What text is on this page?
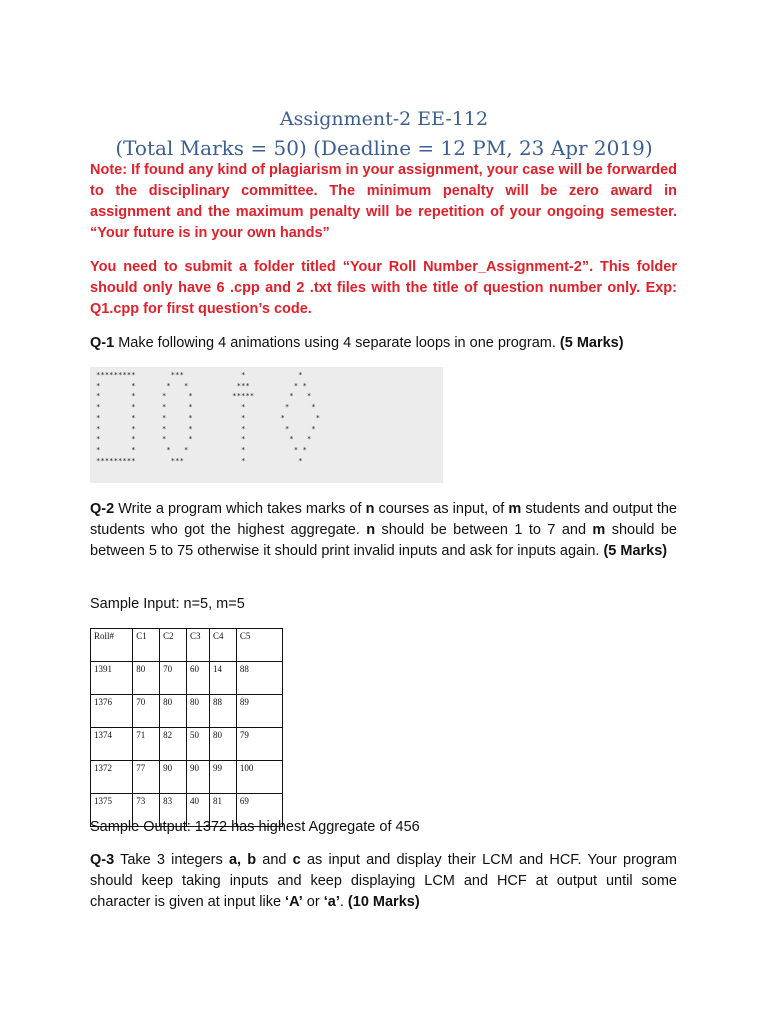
Assignment-2 EE-112
(Total Marks = 50) (Deadline = 12 PM, 23 Apr 2019)

Note: If found any kind of plagiarism in your assignment, your case will be forwarded to the disciplinary committee. The minimum penalty will be zero award in assignment and the maximum penalty will be repetition of your ongoing semester. “Your future is in your own hands”

You need to submit a folder titled “Your Roll Number_Assignment-2”. This folder should only have 6 .cpp and 2 .txt files with the title of question number only. Exp: Q1.cpp for first question’s code.

Q-1 Make following 4 animations using 4 separate loops in one program. (5 Marks)

*********        ***             *            *
*       *       *   *           ***          * *
*       *      *     *         *****        *   *
*       *      *     *           *         *     *
*       *      *     *           *        *       *
*       *      *     *           *         *     *
*       *      *     *           *          *   *
*       *       *   *            *           * *
*********        ***             *            *

Q-2 Write a program which takes marks of n courses as input, of m students and output the students who got the highest aggregate. n should be between 1 to 7 and m should be between 5 to 75 otherwise it should print invalid inputs and ask for inputs again. (5 Marks)

Sample Input: n=5, m=5

Roll#	C1	C2	C3	C4	C5
1391	80	70	60	14	88
1376	70	80	80	88	89
1374	71	82	50	80	79
1372	77	90	90	99	100
1375	73	83	40	81	69

Sample Output: 1372 has highest Aggregate of 456

Q-3 Take 3 integers a, b and c as input and display their LCM and HCF. Your program should keep taking inputs and keep displaying LCM and HCF at output until some character is given at input like ‘A’ or ‘a’. (10 Marks)
